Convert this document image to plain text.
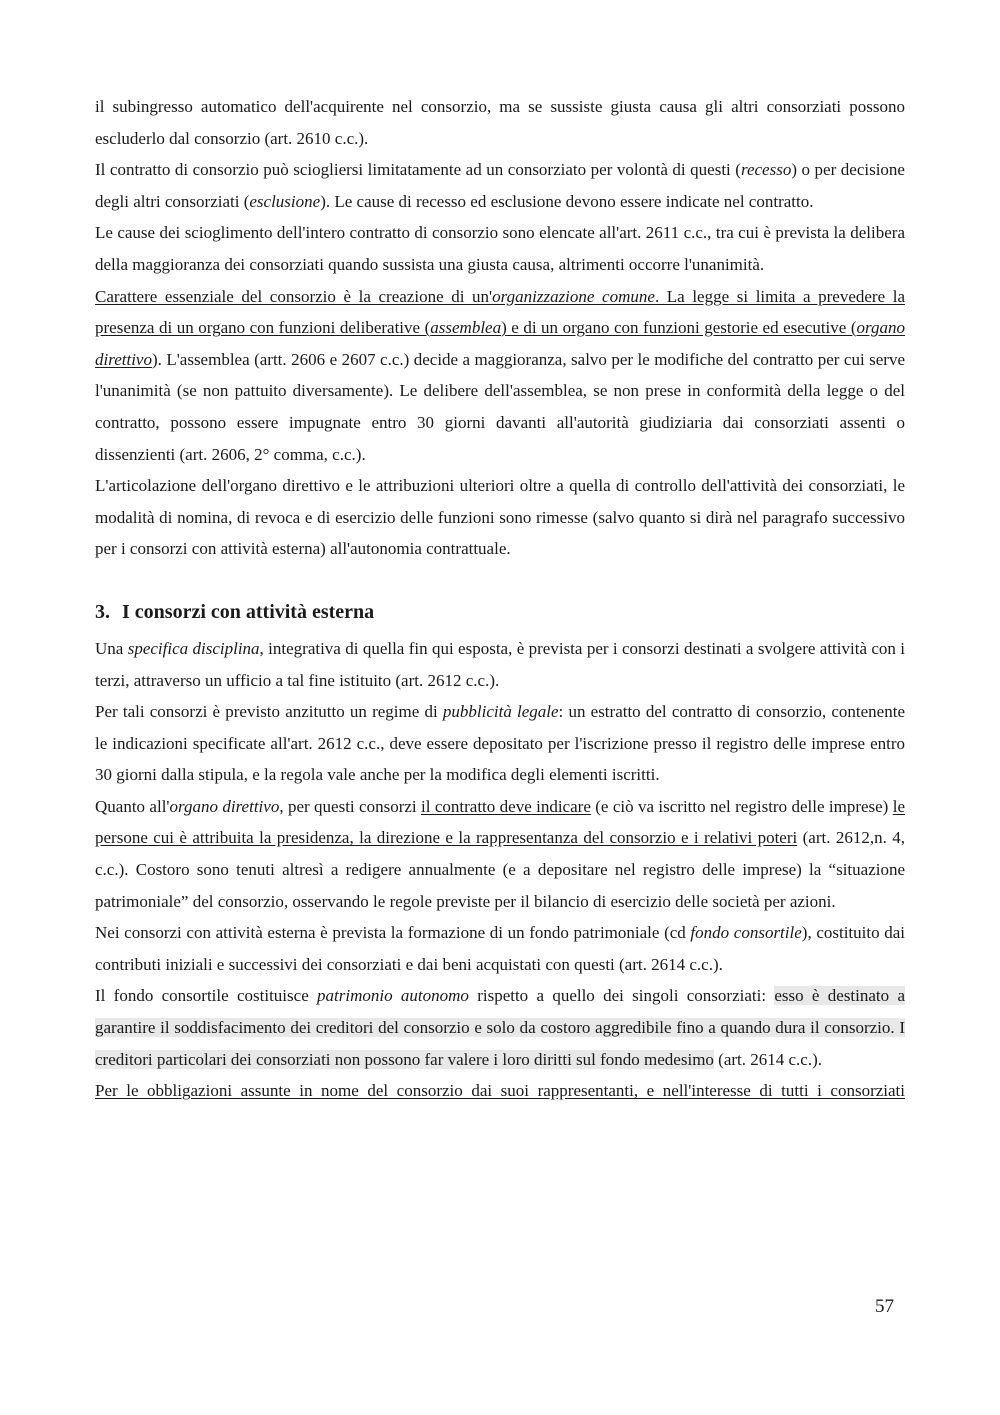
il subingresso automatico dell'acquirente nel consorzio, ma se sussiste giusta causa gli altri consorziati possono escluderlo dal consorzio (art. 2610 c.c.).

Il contratto di consorzio può sciogliersi limitatamente ad un consorziato per volontà di questi (recesso) o per decisione degli altri consorziati (esclusione). Le cause di recesso ed esclusione devono essere indicate nel contratto.

Le cause dei scioglimento dell'intero contratto di consorzio sono elencate all'art. 2611 c.c., tra cui è prevista la delibera della maggioranza dei consorziati quando sussista una giusta causa, altrimenti occorre l'unanimità.

Carattere essenziale del consorzio è la creazione di un'organizzazione comune. La legge si limita a prevedere la presenza di un organo con funzioni deliberative (assemblea) e di un organo con funzioni gestorie ed esecutive (organo direttivo). L'assemblea (artt. 2606 e 2607 c.c.) decide a maggioranza, salvo per le modifiche del contratto per cui serve l'unanimità (se non pattuito diversamente). Le delibere dell'assemblea, se non prese in conformità della legge o del contratto, possono essere impugnate entro 30 giorni davanti all'autorità giudiziaria dai consorziati assenti o dissenzienti (art. 2606, 2° comma, c.c.).

L'articolazione dell'organo direttivo e le attribuzioni ulteriori oltre a quella di controllo dell'attività dei consorziati, le modalità di nomina, di revoca e di esercizio delle funzioni sono rimesse (salvo quanto si dirà nel paragrafo successivo per i consorzi con attività esterna) all'autonomia contrattuale.

3. I consorzi con attività esterna

Una specifica disciplina, integrativa di quella fin qui esposta, è prevista per i consorzi destinati a svolgere attività con i terzi, attraverso un ufficio a tal fine istituito (art. 2612 c.c.).

Per tali consorzi è previsto anzitutto un regime di pubblicità legale: un estratto del contratto di consorzio, contenente le indicazioni specificate all'art. 2612 c.c., deve essere depositato per l'iscrizione presso il registro delle imprese entro 30 giorni dalla stipula, e la regola vale anche per la modifica degli elementi iscritti.

Quanto all'organo direttivo, per questi consorzi il contratto deve indicare (e ciò va iscritto nel registro delle imprese) le persone cui è attribuita la presidenza, la direzione e la rappresentanza del consorzio e i relativi poteri (art. 2612,n. 4, c.c.). Costoro sono tenuti altresì a redigere annualmente (e a depositare nel registro delle imprese) la “situazione patrimoniale” del consorzio, osservando le regole previste per il bilancio di esercizio delle società per azioni.

Nei consorzi con attività esterna è prevista la formazione di un fondo patrimoniale (cd fondo consortile), costituito dai contributi iniziali e successivi dei consorziati e dai beni acquistati con questi (art. 2614 c.c.).

Il fondo consortile costituisce patrimonio autonomo rispetto a quello dei singoli consorziati: esso è destinato a garantire il soddisfacimento dei creditori del consorzio e solo da costoro aggredibile fino a quando dura il consorzio. I creditori particolari dei consorziati non possono far valere i loro diritti sul fondo medesimo (art. 2614 c.c.).

Per le obbligazioni assunte in nome del consorzio dai suoi rappresentanti, e nell'interesse di tutti i consorziati

57
